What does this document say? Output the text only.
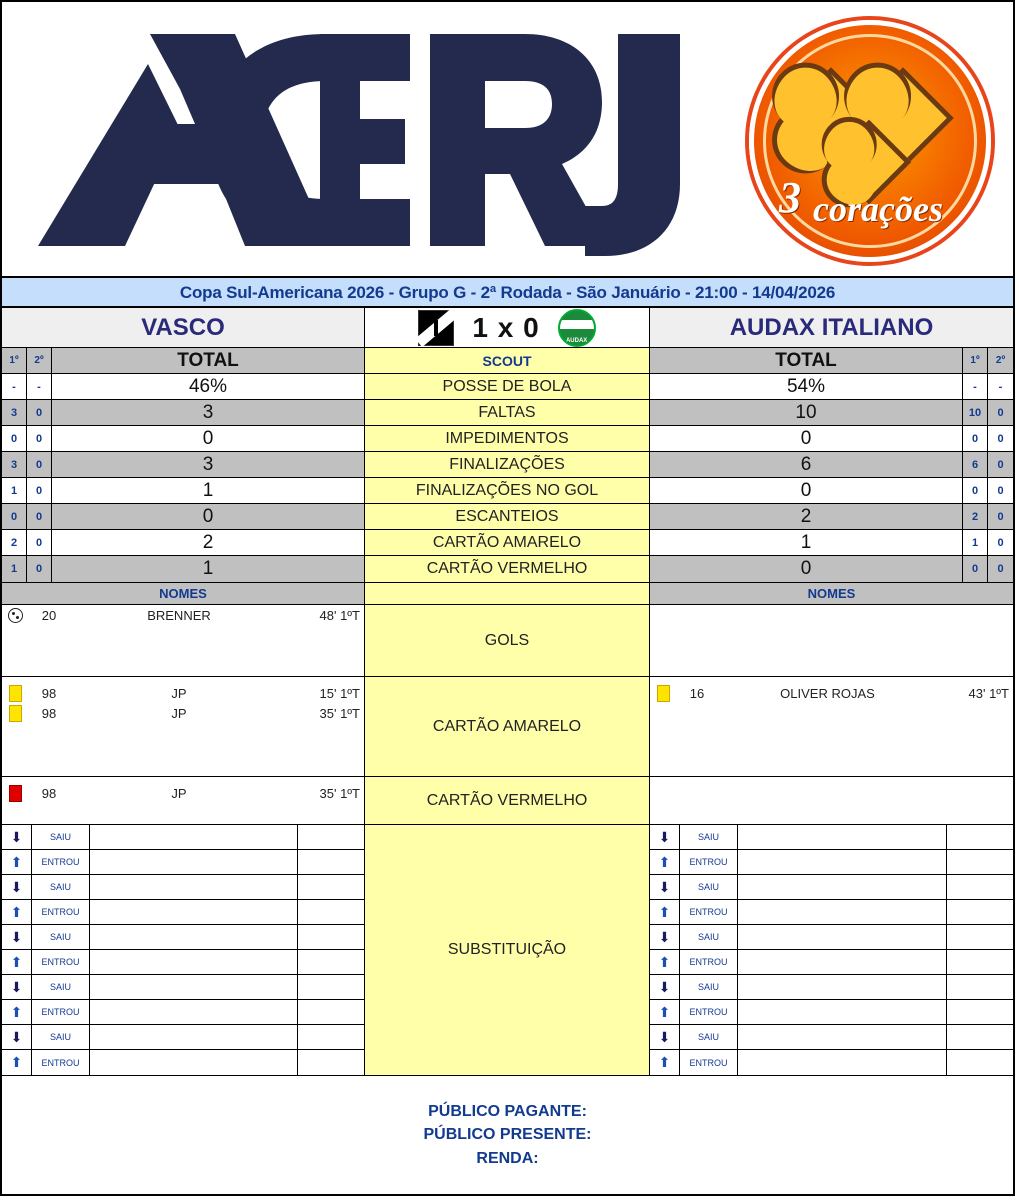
3 corações
Copa Sul-Americana 2026 - Grupo G - 2ª Rodada - São Januário - 21:00 - 14/04/2026
VASCO	1 x 0	AUDAX	AUDAX ITALIANO
1º	2º	TOTAL	SCOUT	TOTAL	1º	2º
-	-	46%	POSSE DE BOLA	54%	-	-
3	0	3	FALTAS	10	10	0
0	0	0	IMPEDIMENTOS	0	0	0
3	0	3	FINALIZAÇÕES	6	6	0
1	0	1	FINALIZAÇÕES NO GOL	0	0	0
0	0	0	ESCANTEIOS	2	2	0
2	0	2	CARTÃO AMARELO	1	1	0
1	0	1	CARTÃO VERMELHO	0	0	0
NOMES	NOMES
20	BRENNER	48' 1ºT
GOLS
98	JP	15' 1ºT
98	JP	35' 1ºT
CARTÃO AMARELO
16	OLIVER ROJAS	43' 1ºT
98	JP	35' 1ºT	CARTÃO VERMELHO
⬇	SAIU
⬆	ENTROU
⬇	SAIU
⬆	ENTROU
⬇	SAIU
⬆	ENTROU
⬇	SAIU
⬆	ENTROU
⬇	SAIU
⬆	ENTROU
SUBSTITUIÇÃO
⬇	SAIU
⬆	ENTROU
⬇	SAIU
⬆	ENTROU
⬇	SAIU
⬆	ENTROU
⬇	SAIU
⬆	ENTROU
⬇	SAIU
⬆	ENTROU
PÚBLICO PAGANTE:
PÚBLICO PRESENTE:
RENDA:
